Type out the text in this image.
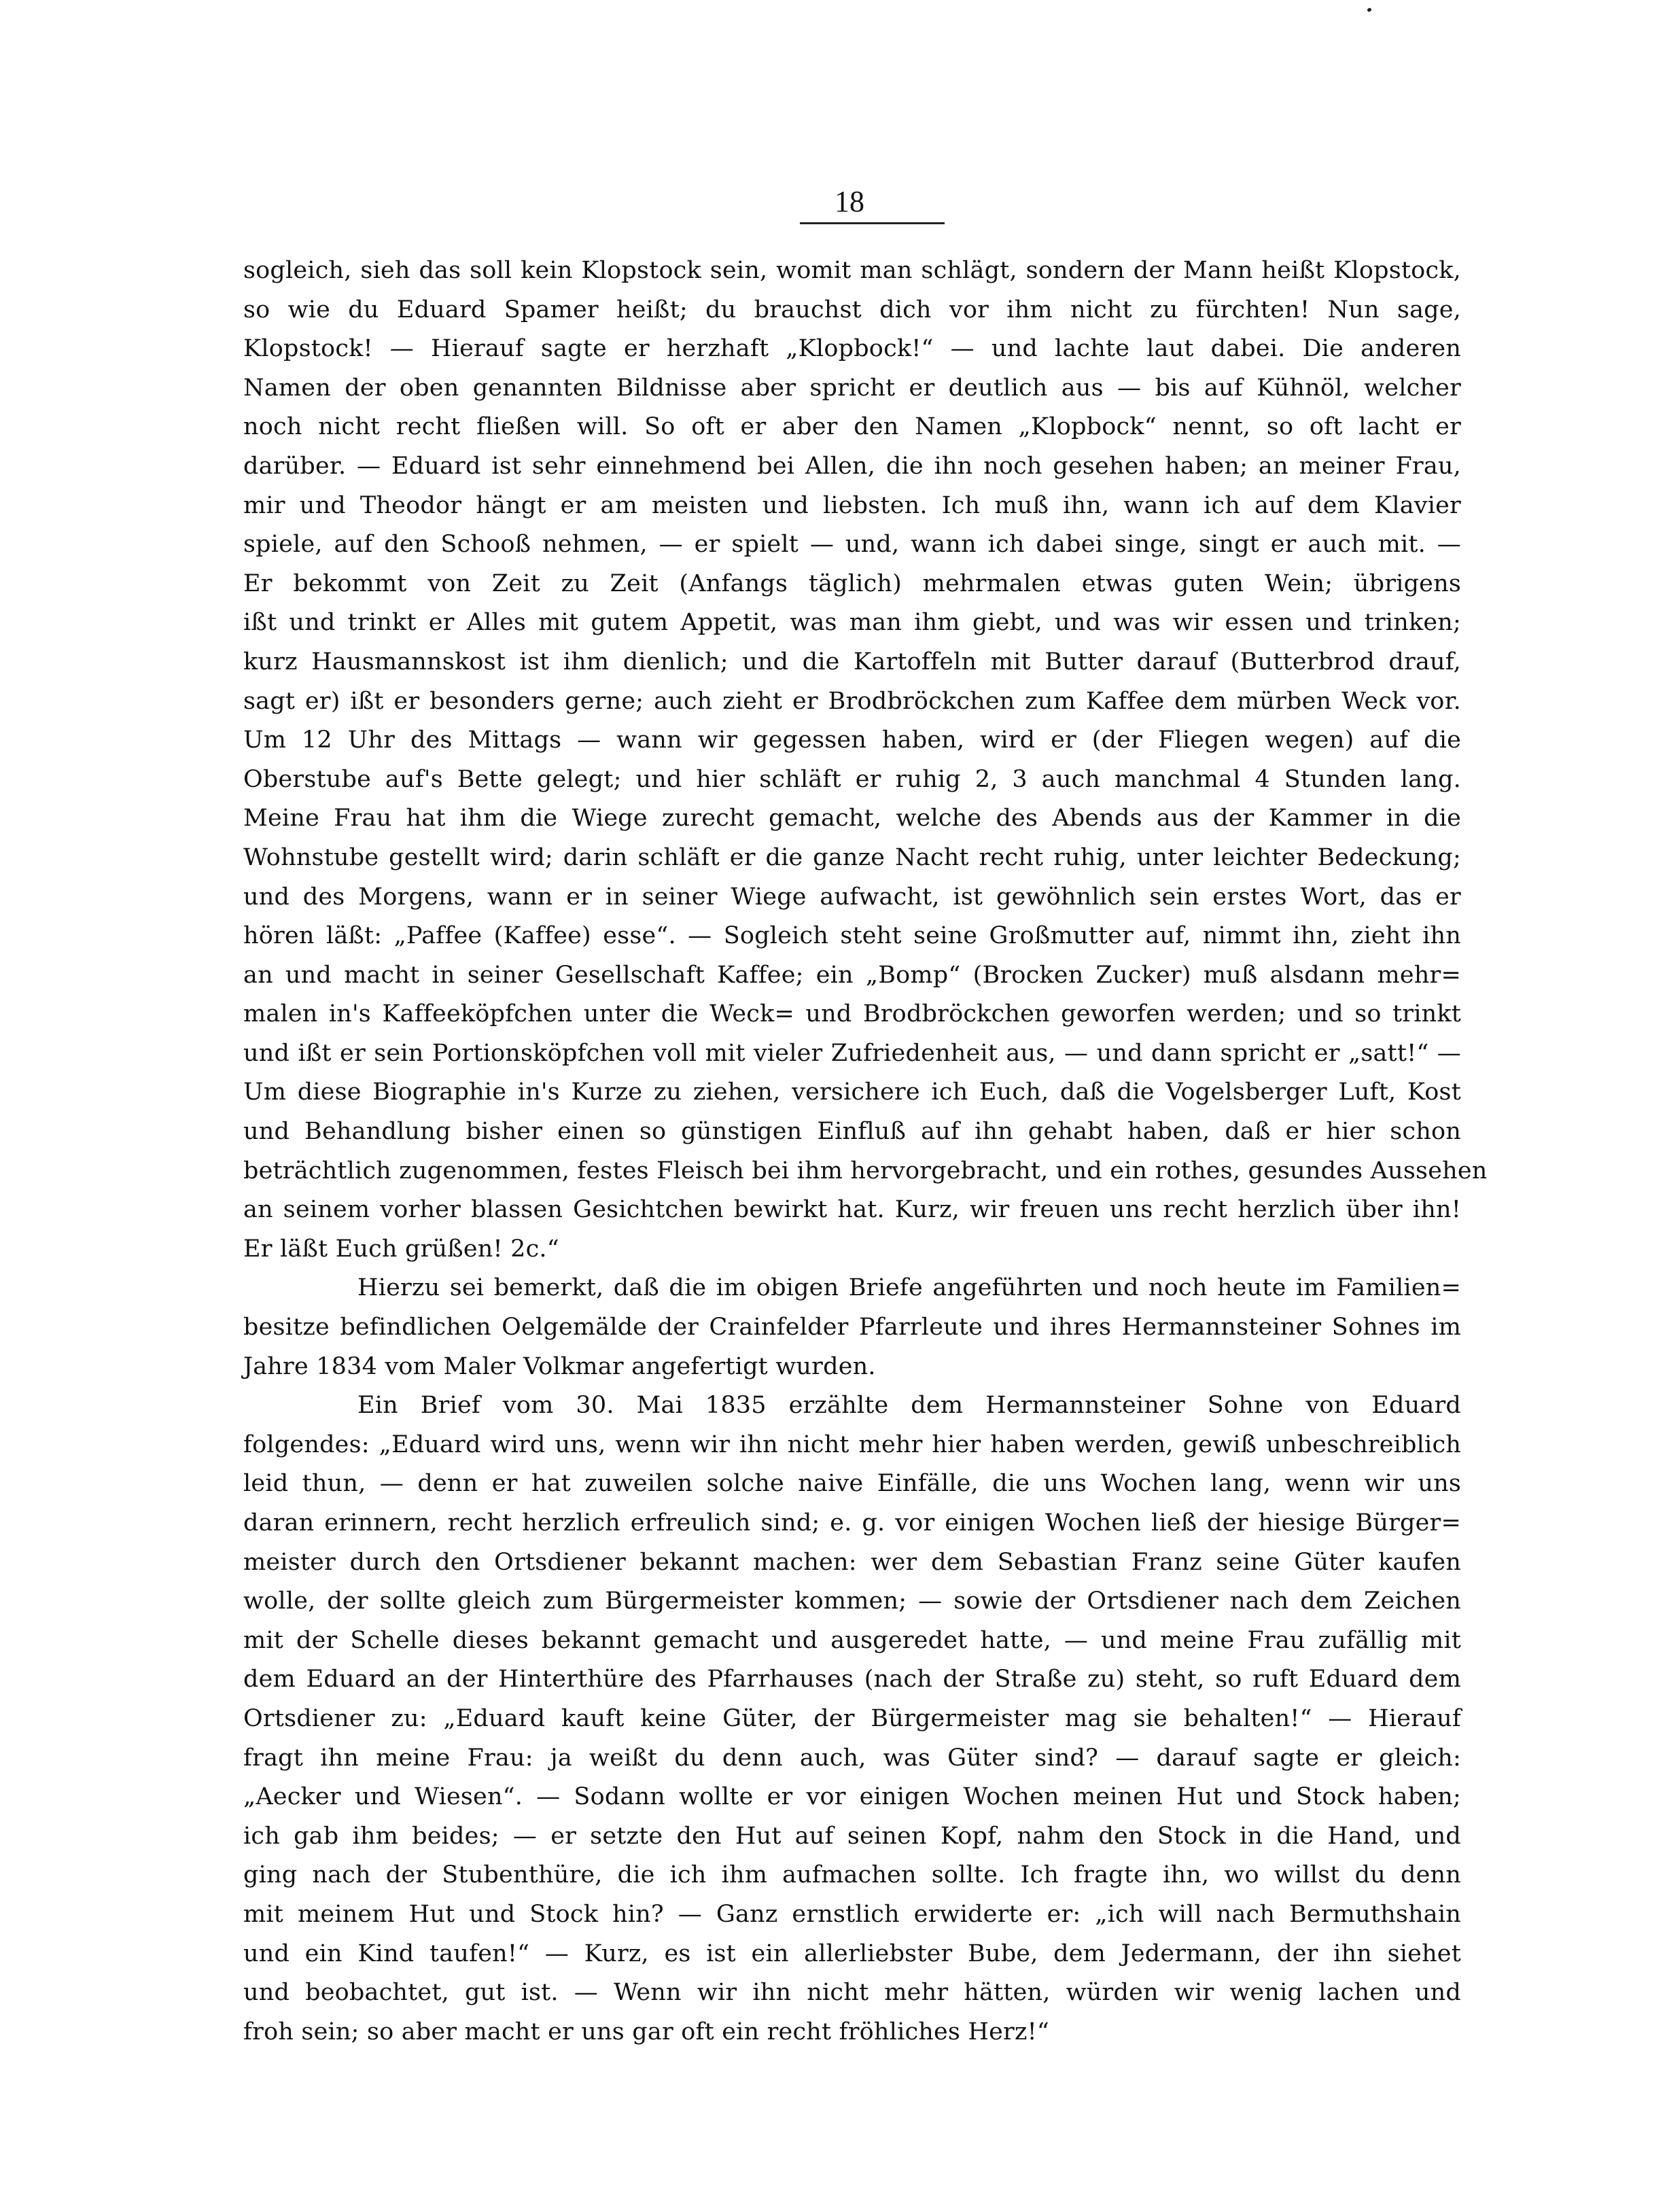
18
sogleich, sieh das soll kein Klopstock sein, womit man schlägt, sondern der Mann heißt Klopstock,
so wie du Eduard Spamer heißt; du brauchst dich vor ihm nicht zu fürchten! Nun sage,
Klopstock! — Hierauf sagte er herzhaft „Klopbock!“ — und lachte laut dabei. Die anderen
Namen der oben genannten Bildnisse aber spricht er deutlich aus — bis auf Kühnöl, welcher
noch nicht recht fließen will. So oft er aber den Namen „Klopbock“ nennt, so oft lacht er
darüber. — Eduard ist sehr einnehmend bei Allen, die ihn noch gesehen haben; an meiner Frau,
mir und Theodor hängt er am meisten und liebsten. Ich muß ihn, wann ich auf dem Klavier
spiele, auf den Schooß nehmen, — er spielt — und, wann ich dabei singe, singt er auch mit. —
Er bekommt von Zeit zu Zeit (Anfangs täglich) mehrmalen etwas guten Wein; übrigens
ißt und trinkt er Alles mit gutem Appetit, was man ihm giebt, und was wir essen und trinken;
kurz Hausmannskost ist ihm dienlich; und die Kartoffeln mit Butter darauf (Butterbrod drauf,
sagt er) ißt er besonders gerne; auch zieht er Brodbröckchen zum Kaffee dem mürben Weck vor.
Um 12 Uhr des Mittags — wann wir gegessen haben, wird er (der Fliegen wegen) auf die
Oberstube auf's Bette gelegt; und hier schläft er ruhig 2, 3 auch manchmal 4 Stunden lang.
Meine Frau hat ihm die Wiege zurecht gemacht, welche des Abends aus der Kammer in die
Wohnstube gestellt wird; darin schläft er die ganze Nacht recht ruhig, unter leichter Bedeckung;
und des Morgens, wann er in seiner Wiege aufwacht, ist gewöhnlich sein erstes Wort, das er
hören läßt: „Paffee (Kaffee) esse“. — Sogleich steht seine Großmutter auf, nimmt ihn, zieht ihn
an und macht in seiner Gesellschaft Kaffee; ein „Bomp“ (Brocken Zucker) muß alsdann mehr=
malen in's Kaffeeköpfchen unter die Weck= und Brodbröckchen geworfen werden; und so trinkt
und ißt er sein Portionsköpfchen voll mit vieler Zufriedenheit aus, — und dann spricht er „satt!“ —
Um diese Biographie in's Kurze zu ziehen, versichere ich Euch, daß die Vogelsberger Luft, Kost
und Behandlung bisher einen so günstigen Einfluß auf ihn gehabt haben, daß er hier schon
beträchtlich zugenommen, festes Fleisch bei ihm hervorgebracht, und ein rothes, gesundes Aussehen
an seinem vorher blassen Gesichtchen bewirkt hat. Kurz, wir freuen uns recht herzlich über ihn!
Er läßt Euch grüßen! 2c.“
Hierzu sei bemerkt, daß die im obigen Briefe angeführten und noch heute im Familien=
besitze befindlichen Oelgemälde der Crainfelder Pfarrleute und ihres Hermannsteiner Sohnes im
Jahre 1834 vom Maler Volkmar angefertigt wurden.
Ein Brief vom 30. Mai 1835 erzählte dem Hermannsteiner Sohne von Eduard
folgendes: „Eduard wird uns, wenn wir ihn nicht mehr hier haben werden, gewiß unbeschreiblich
leid thun, — denn er hat zuweilen solche naive Einfälle, die uns Wochen lang, wenn wir uns
daran erinnern, recht herzlich erfreulich sind; e. g. vor einigen Wochen ließ der hiesige Bürger=
meister durch den Ortsdiener bekannt machen: wer dem Sebastian Franz seine Güter kaufen
wolle, der sollte gleich zum Bürgermeister kommen; — sowie der Ortsdiener nach dem Zeichen
mit der Schelle dieses bekannt gemacht und ausgeredet hatte, — und meine Frau zufällig mit
dem Eduard an der Hinterthüre des Pfarrhauses (nach der Straße zu) steht, so ruft Eduard dem
Ortsdiener zu: „Eduard kauft keine Güter, der Bürgermeister mag sie behalten!“ — Hierauf
fragt ihn meine Frau: ja weißt du denn auch, was Güter sind? — darauf sagte er gleich:
„Aecker und Wiesen“. — Sodann wollte er vor einigen Wochen meinen Hut und Stock haben;
ich gab ihm beides; — er setzte den Hut auf seinen Kopf, nahm den Stock in die Hand, und
ging nach der Stubenthüre, die ich ihm aufmachen sollte. Ich fragte ihn, wo willst du denn
mit meinem Hut und Stock hin? — Ganz ernstlich erwiderte er: „ich will nach Bermuthshain
und ein Kind taufen!“ — Kurz, es ist ein allerliebster Bube, dem Jedermann, der ihn siehet
und beobachtet, gut ist. — Wenn wir ihn nicht mehr hätten, würden wir wenig lachen und
froh sein; so aber macht er uns gar oft ein recht fröhliches Herz!“
